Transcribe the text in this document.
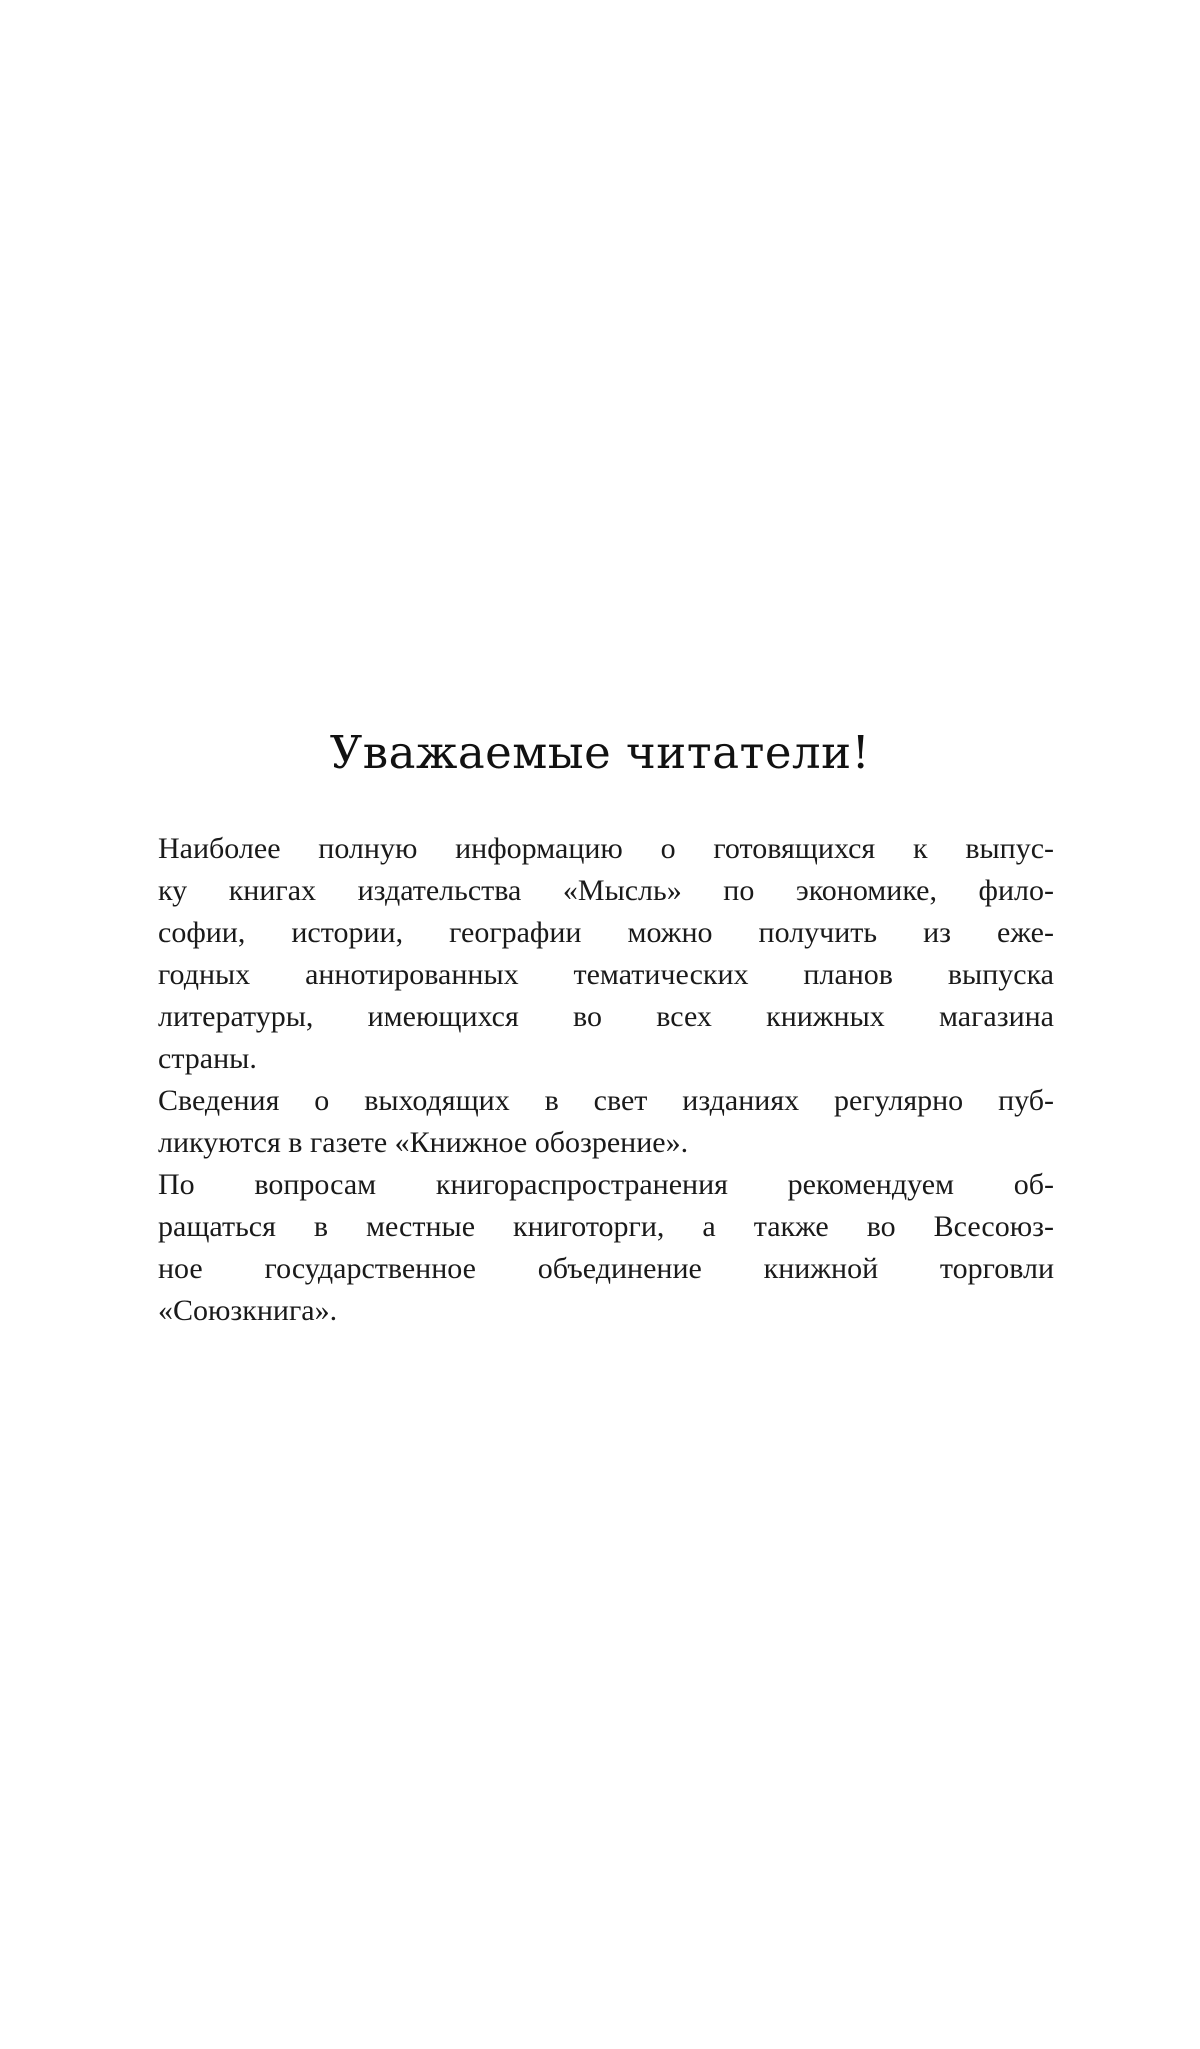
Уважаемые читатели!
Наиболее полную информацию о готовящихся к выпус-
ку книгах издательства «Мысль» по экономике, фило-
софии, истории, географии можно получить из еже-
годных аннотированных тематических планов выпуска
литературы, имеющихся во всех книжных магазина
страны.
Сведения о выходящих в свет изданиях регулярно пуб-
ликуются в газете «Книжное обозрение».
По вопросам книгораспространения рекомендуем об-
ращаться в местные книготорги, а также во Всесоюз-
ное государственное объединение книжной торговли
«Союзкнига».
